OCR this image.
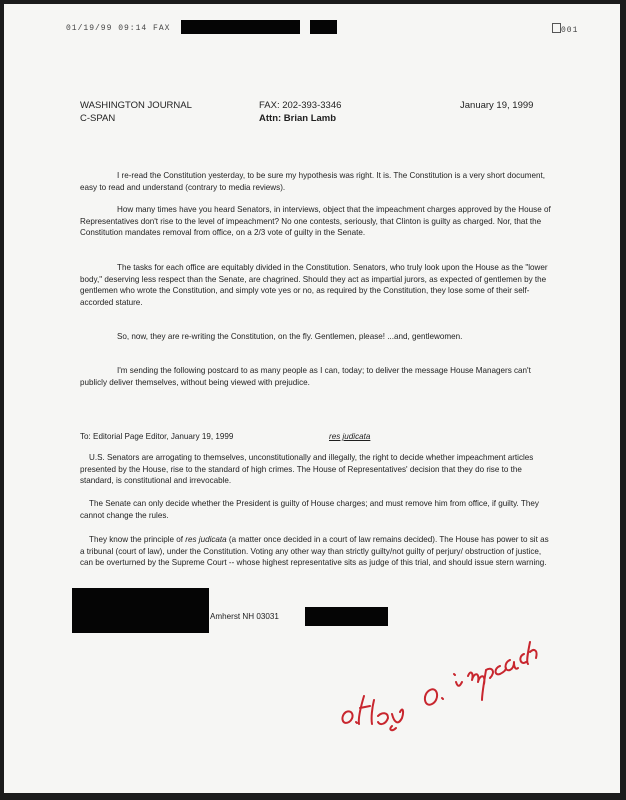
01/19/99 09:14 FAX	001
WASHINGTON JOURNAL
C-SPAN
FAX: 202-393-3346
Attn: Brian Lamb
January 19, 1999

I re-read the Constitution yesterday, to be sure my hypothesis was right. It is. The Constitution is a very short document, easy to read and understand (contrary to media reviews).

How many times have you heard Senators, in interviews, object that the impeachment charges approved by the House of Representatives don't rise to the level of impeachment? No one contests, seriously, that Clinton is guilty as charged. Nor, that the Constitution mandates removal from office, on a 2/3 vote of guilty in the Senate.

The tasks for each office are equitably divided in the Constitution. Senators, who truly look upon the House as the "lower body," deserving less respect than the Senate, are chagrined. Should they act as impartial jurors, as expected of gentlemen by the gentlemen who wrote the Constitution, and simply vote yes or no, as required by the Constitution, they lose some of their self-accorded stature.

So, now, they are re-writing the Constitution, on the fly. Gentlemen, please! ...and, gentlewomen.

I'm sending the following postcard to as many people as I can, today; to deliver the message House Managers can't publicly deliver themselves, without being viewed with prejudice.

To: Editorial Page Editor, January 19, 1999	res judicata

U.S. Senators are arrogating to themselves, unconstitutionally and illegally, the right to decide whether impeachment articles presented by the House, rise to the standard of high crimes. The House of Representatives' decision that they do rise to the standard, is constitutional and irrevocable.

The Senate can only decide whether the President is guilty of House charges; and must remove him from office, if guilty. They cannot change the rules.

They know the principle of res judicata (a matter once decided in a court of law remains decided). The House has power to sit as a tribunal (court of law), under the Constitution. Voting any other way than strictly guilty/not guilty of perjury/ obstruction of justice, can be overturned by the Supreme Court -- whose highest representative sits as judge of this trial, and should issue stern warning.

Amherst NH 03031
